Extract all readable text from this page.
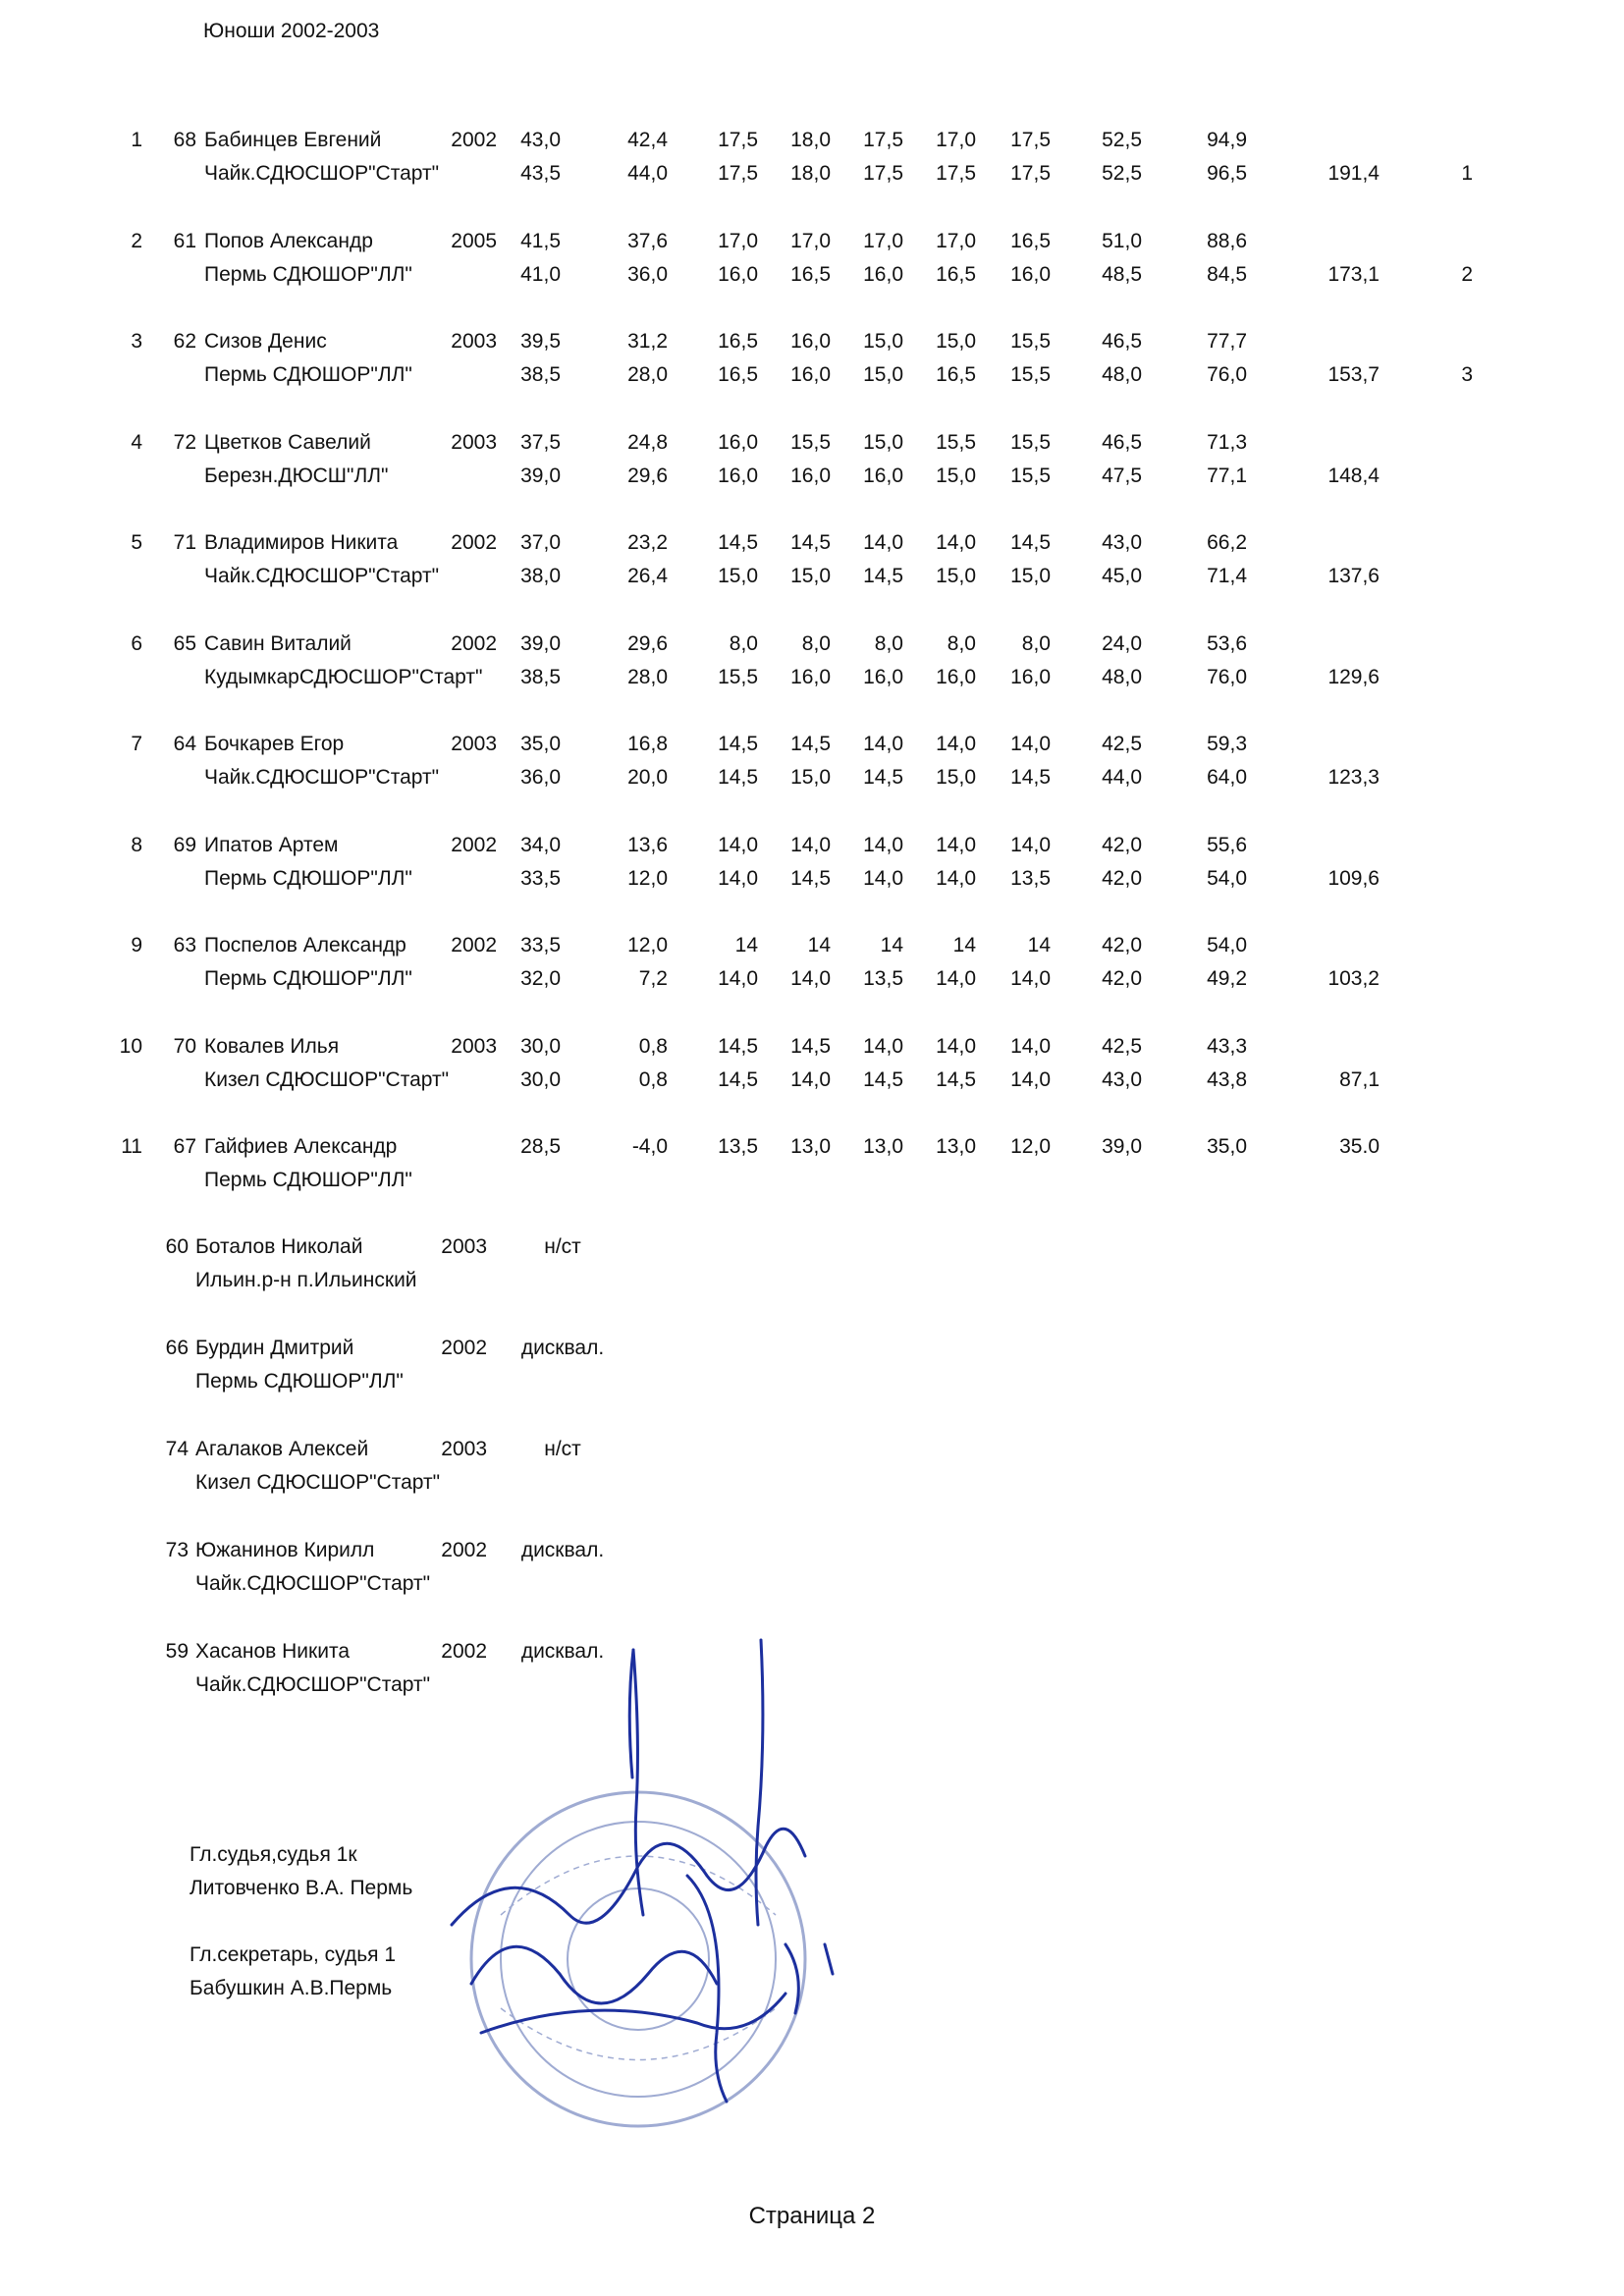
Юноши 2002-2003
1	68 Бабинцев Евгений	2002	43,0	42,4	17,5	18,0	17,5	17,0	17,5	52,5	94,9
Чайк.СДЮСШОР"Старт"	43,5	44,0	17,5	18,0	17,5	17,5	17,5	52,5	96,5	191,4	1
2	61 Попов Александр	2005	41,5	37,6	17,0	17,0	17,0	17,0	16,5	51,0	88,6
Пермь СДЮШОР"ЛЛ"	41,0	36,0	16,0	16,5	16,0	16,5	16,0	48,5	84,5	173,1	2
3	62 Сизов Денис	2003	39,5	31,2	16,5	16,0	15,0	15,0	15,5	46,5	77,7
Пермь СДЮШОР"ЛЛ"	38,5	28,0	16,5	16,0	15,0	16,5	15,5	48,0	76,0	153,7	3
4	72 Цветков Савелий	2003	37,5	24,8	16,0	15,5	15,0	15,5	15,5	46,5	71,3
Березн.ДЮСШ"ЛЛ"	39,0	29,6	16,0	16,0	16,0	15,0	15,5	47,5	77,1	148,4
5	71 Владимиров Никита	2002	37,0	23,2	14,5	14,5	14,0	14,0	14,5	43,0	66,2
Чайк.СДЮСШОР"Старт"	38,0	26,4	15,0	15,0	14,5	15,0	15,0	45,0	71,4	137,6
6	65 Савин Виталий	2002	39,0	29,6	8,0	8,0	8,0	8,0	8,0	24,0	53,6
КудымкарСДЮСШОР"Старт"	38,5	28,0	15,5	16,0	16,0	16,0	16,0	48,0	76,0	129,6
7	64 Бочкарев Егор	2003	35,0	16,8	14,5	14,5	14,0	14,0	14,0	42,5	59,3
Чайк.СДЮСШОР"Старт"	36,0	20,0	14,5	15,0	14,5	15,0	14,5	44,0	64,0	123,3
8	69 Ипатов Артем	2002	34,0	13,6	14,0	14,0	14,0	14,0	14,0	42,0	55,6
Пермь СДЮШОР"ЛЛ"	33,5	12,0	14,0	14,5	14,0	14,0	13,5	42,0	54,0	109,6
9	63 Поспелов Александр	2002	33,5	12,0	14	14	14	14	14	42,0	54,0
Пермь СДЮШОР"ЛЛ"	32,0	7,2	14,0	14,0	13,5	14,0	14,0	42,0	49,2	103,2
10	70 Ковалев Илья	2003	30,0	0,8	14,5	14,5	14,0	14,0	14,0	42,5	43,3
Кизел СДЮСШОР"Старт"	30,0	0,8	14,5	14,0	14,5	14,5	14,0	43,0	43,8	87,1
11	67 Гайфиев Александр	28,5	-4,0	13,5	13,0	13,0	13,0	12,0	39,0	35,0	35.0
Пермь СДЮШОР"ЛЛ"
60 Боталов Николай	2003	н/ст
Ильин.р-н п.Ильинский
66 Бурдин Дмитрий	2002	дисквал.
Пермь СДЮШОР"ЛЛ"
74 Агалаков Алексей	2003	н/ст
Кизел СДЮСШОР"Старт"
73 Южанинов Кирилл	2002	дисквал.
Чайк.СДЮСШОР"Старт"
59 Хасанов Никита	2002	дисквал.
Чайк.СДЮСШОР"Старт"
Гл.судья,судья 1к
Литовченко В.А. Пермь
Гл.секретарь, судья 1
Бабушкин А.В.Пермь
Страница 2
